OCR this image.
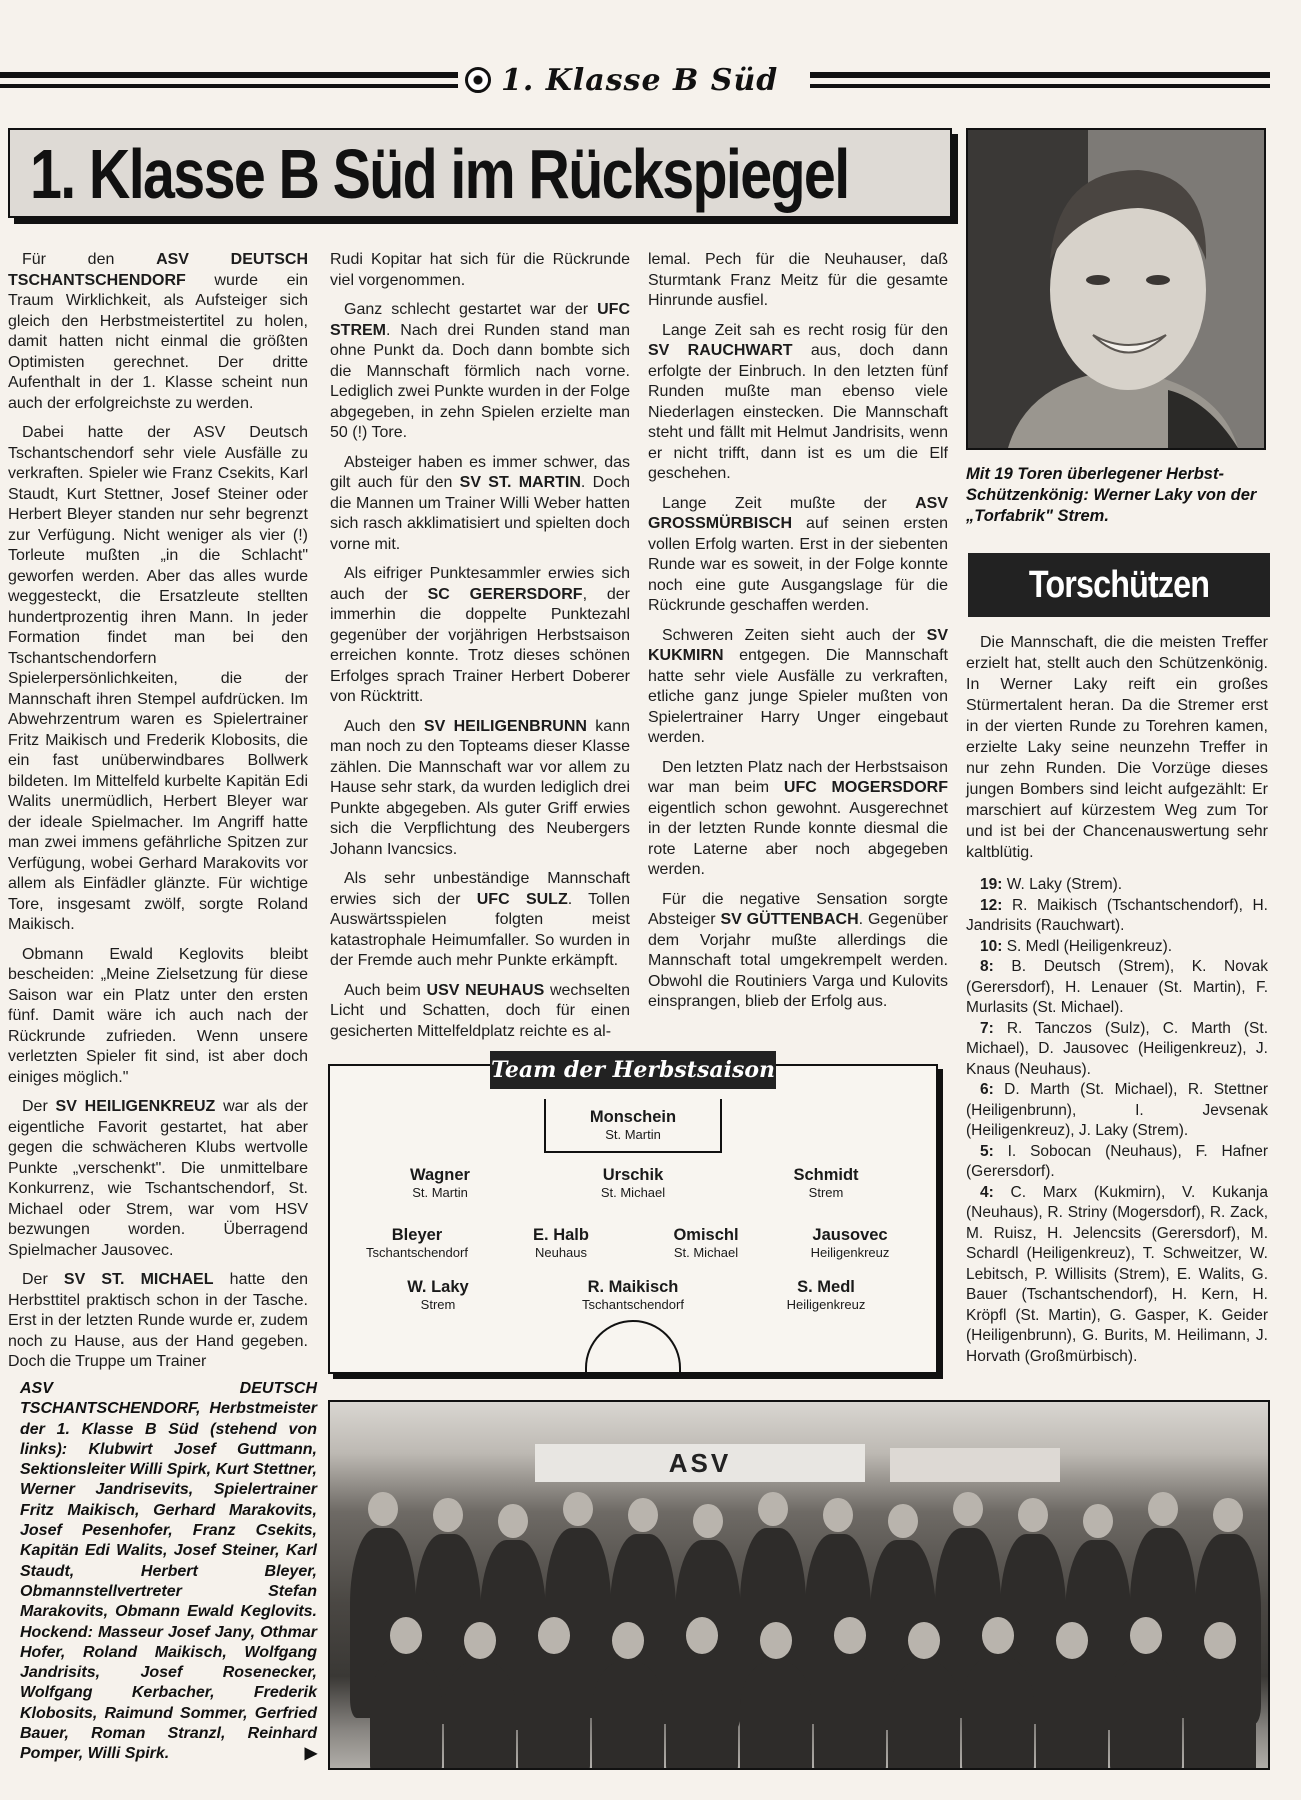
1. Klasse B Süd
1. Klasse B Süd im Rückspiegel

Für den ASV DEUTSCH TSCHANTSCHENDORF wurde ein Traum Wirklichkeit, als Aufsteiger sich gleich den Herbstmeistertitel zu holen, damit hatten nicht einmal die größten Optimisten gerechnet. Der dritte Aufenthalt in der 1. Klasse scheint nun auch der erfolgreichste zu werden.

Dabei hatte der ASV Deutsch Tschantschendorf sehr viele Ausfälle zu verkraften. Spieler wie Franz Csekits, Karl Staudt, Kurt Stettner, Josef Steiner oder Herbert Bleyer standen nur sehr begrenzt zur Verfügung. Nicht weniger als vier (!) Torleute mußten „in die Schlacht" geworfen werden. Aber das alles wurde weggesteckt, die Ersatzleute stellten hundertprozentig ihren Mann. In jeder Formation findet man bei den Tschantschendorfern Spielerpersönlichkeiten, die der Mannschaft ihren Stempel aufdrücken. Im Abwehrzentrum waren es Spielertrainer Fritz Maikisch und Frederik Klobosits, die ein fast unüberwindbares Bollwerk bildeten. Im Mittelfeld kurbelte Kapitän Edi Walits unermüdlich, Herbert Bleyer war der ideale Spielmacher. Im Angriff hatte man zwei immens gefährliche Spitzen zur Verfügung, wobei Gerhard Marakovits vor allem als Einfädler glänzte. Für wichtige Tore, insgesamt zwölf, sorgte Roland Maikisch.

Obmann Ewald Keglovits bleibt bescheiden: „Meine Zielsetzung für diese Saison war ein Platz unter den ersten fünf. Damit wäre ich auch nach der Rückrunde zufrieden. Wenn unsere verletzten Spieler fit sind, ist aber doch einiges möglich."

Der SV HEILIGENKREUZ war als der eigentliche Favorit gestartet, hat aber gegen die schwächeren Klubs wertvolle Punkte „verschenkt". Die unmittelbare Konkurrenz, wie Tschantschendorf, St. Michael oder Strem, war vom HSV bezwungen worden. Überragend Spielmacher Jausovec.

Der SV ST. MICHAEL hatte den Herbsttitel praktisch schon in der Tasche. Erst in der letzten Runde wurde er, zudem noch zu Hause, aus der Hand gegeben. Doch die Truppe um Trainer

Rudi Kopitar hat sich für die Rückrunde viel vorgenommen.

Ganz schlecht gestartet war der UFC STREM. Nach drei Runden stand man ohne Punkt da. Doch dann bombte sich die Mannschaft förmlich nach vorne. Lediglich zwei Punkte wurden in der Folge abgegeben, in zehn Spielen erzielte man 50 (!) Tore.

Absteiger haben es immer schwer, das gilt auch für den SV ST. MARTIN. Doch die Mannen um Trainer Willi Weber hatten sich rasch akklimatisiert und spielten doch vorne mit.

Als eifriger Punktesammler erwies sich auch der SC GERERSDORF, der immerhin die doppelte Punktezahl gegenüber der vorjährigen Herbstsaison erreichen konnte. Trotz dieses schönen Erfolges sprach Trainer Herbert Doberer von Rücktritt.

Auch den SV HEILIGENBRUNN kann man noch zu den Topteams dieser Klasse zählen. Die Mannschaft war vor allem zu Hause sehr stark, da wurden lediglich drei Punkte abgegeben. Als guter Griff erwies sich die Verpflichtung des Neubergers Johann Ivancsics.

Als sehr unbeständige Mannschaft erwies sich der UFC SULZ. Tollen Auswärtsspielen folgten meist katastrophale Heimumfaller. So wurden in der Fremde auch mehr Punkte erkämpft.

Auch beim USV NEUHAUS wechselten Licht und Schatten, doch für einen gesicherten Mittelfeldplatz reichte es al-

lemal. Pech für die Neuhauser, daß Sturmtank Franz Meitz für die gesamte Hinrunde ausfiel.

Lange Zeit sah es recht rosig für den SV RAUCHWART aus, doch dann erfolgte der Einbruch. In den letzten fünf Runden mußte man ebenso viele Niederlagen einstecken. Die Mannschaft steht und fällt mit Helmut Jandrisits, wenn er nicht trifft, dann ist es um die Elf geschehen.

Lange Zeit mußte der ASV GROSSMÜRBISCH auf seinen ersten vollen Erfolg warten. Erst in der siebenten Runde war es soweit, in der Folge konnte noch eine gute Ausgangslage für die Rückrunde geschaffen werden.

Schweren Zeiten sieht auch der SV KUKMIRN entgegen. Die Mannschaft hatte sehr viele Ausfälle zu verkraften, etliche ganz junge Spieler mußten von Spielertrainer Harry Unger eingebaut werden.

Den letzten Platz nach der Herbstsaison war man beim UFC MOGERSDORF eigentlich schon gewohnt. Ausgerechnet in der letzten Runde konnte diesmal die rote Laterne aber noch abgegeben werden.

Für die negative Sensation sorgte Absteiger SV GÜTTENBACH. Gegenüber dem Vorjahr mußte allerdings die Mannschaft total umgekrempelt werden. Obwohl die Routiniers Varga und Kulovits einsprangen, blieb der Erfolg aus.

Mit 19 Toren überlegener Herbst-Schützenkönig: Werner Laky von der „Torfabrik" Strem.
Torschützen

Die Mannschaft, die die meisten Treffer erzielt hat, stellt auch den Schützenkönig. In Werner Laky reift ein großes Stürmertalent heran. Da die Stremer erst in der vierten Runde zu Torehren kamen, erzielte Laky seine neunzehn Treffer in nur zehn Runden. Die Vorzüge dieses jungen Bombers sind leicht aufgezählt: Er marschiert auf kürzestem Weg zum Tor und ist bei der Chancenauswertung sehr kaltblütig.

19: W. Laky (Strem).

12: R. Maikisch (Tschantschendorf), H. Jandrisits (Rauchwart).

10: S. Medl (Heiligenkreuz).

8: B. Deutsch (Strem), K. Novak (Gerersdorf), H. Lenauer (St. Martin), F. Murlasits (St. Michael).

7: R. Tanczos (Sulz), C. Marth (St. Michael), D. Jausovec (Heiligenkreuz), J. Knaus (Neuhaus).

6: D. Marth (St. Michael), R. Stettner (Heiligenbrunn), I. Jevsenak (Heiligenkreuz), J. Laky (Strem).

5: I. Sobocan (Neuhaus), F. Hafner (Gerersdorf).

4: C. Marx (Kukmirn), V. Kukanja (Neuhaus), R. Striny (Mogersdorf), R. Zack, M. Ruisz, H. Jelencsits (Gerersdorf), M. Schardl (Heiligenkreuz), T. Schweitzer, W. Lebitsch, P. Willisits (Strem), E. Walits, G. Bauer (Tschantschendorf), H. Kern, H. Kröpfl (St. Martin), G. Gasper, K. Geider (Heiligenbrunn), G. Burits, M. Heilimann, J. Horvath (Großmürbisch).

Team der Herbstsaison
Monschein
St. Martin
Wagner
St. Martin
Urschik
St. Michael
Schmidt
Strem
Bleyer
Tschantschendorf
E. Halb
Neuhaus
Omischl
St. Michael
Jausovec
Heiligenkreuz
W. Laky
Strem
R. Maikisch
Tschantschendorf
S. Medl
Heiligenkreuz
ASV DEUTSCH TSCHANTSCHENDORF, Herbstmeister der 1. Klasse B Süd (stehend von links): Klubwirt Josef Guttmann, Sektionsleiter Willi Spirk, Kurt Stettner, Werner Jandrisevits, Spielertrainer Fritz Maikisch, Gerhard Marakovits, Josef Pesenhofer, Franz Csekits, Kapitän Edi Walits, Josef Steiner, Karl Staudt, Herbert Bleyer, Obmannstellvertreter Stefan Marakovits, Obmann Ewald Keglovits. Hockend: Masseur Josef Jany, Othmar Hofer, Roland Maikisch, Wolfgang Jandrisits, Josef Rosenecker, Wolfgang Kerbacher, Frederik Klobosits, Raimund Sommer, Gerfried Bauer, Roman Stranzl, Reinhard Pomper, Willi Spirk.	▶
ASV
